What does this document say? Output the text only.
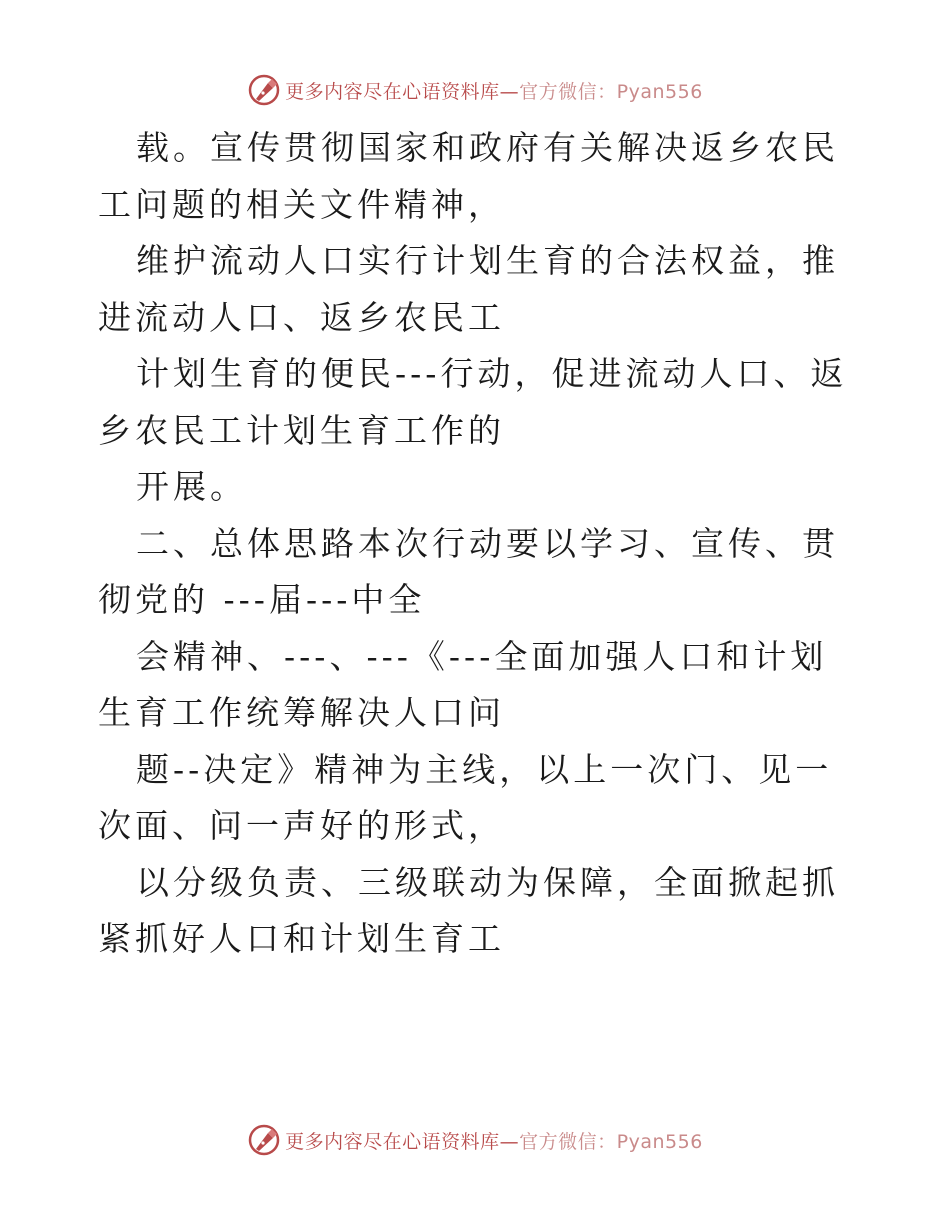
更多内容尽在心语资料库—官方微信：Pyan556

载。宣传贯彻国家和政府有关解决返乡农民工问题的相关文件精神，

维护流动人口实行计划生育的合法权益，推进流动人口、返乡农民工

计划生育的便民---行动，促进流动人口、返乡农民工计划生育工作的

开展。

二、总体思路本次行动要以学习、宣传、贯彻党的 ---届---中全

会精神、---、---《---全面加强人口和计划生育工作统筹解决人口问

题--决定》精神为主线，以上一次门、见一次面、问一声好的形式，

以分级负责、三级联动为保障，全面掀起抓紧抓好人口和计划生育工

更多内容尽在心语资料库—官方微信：Pyan556
